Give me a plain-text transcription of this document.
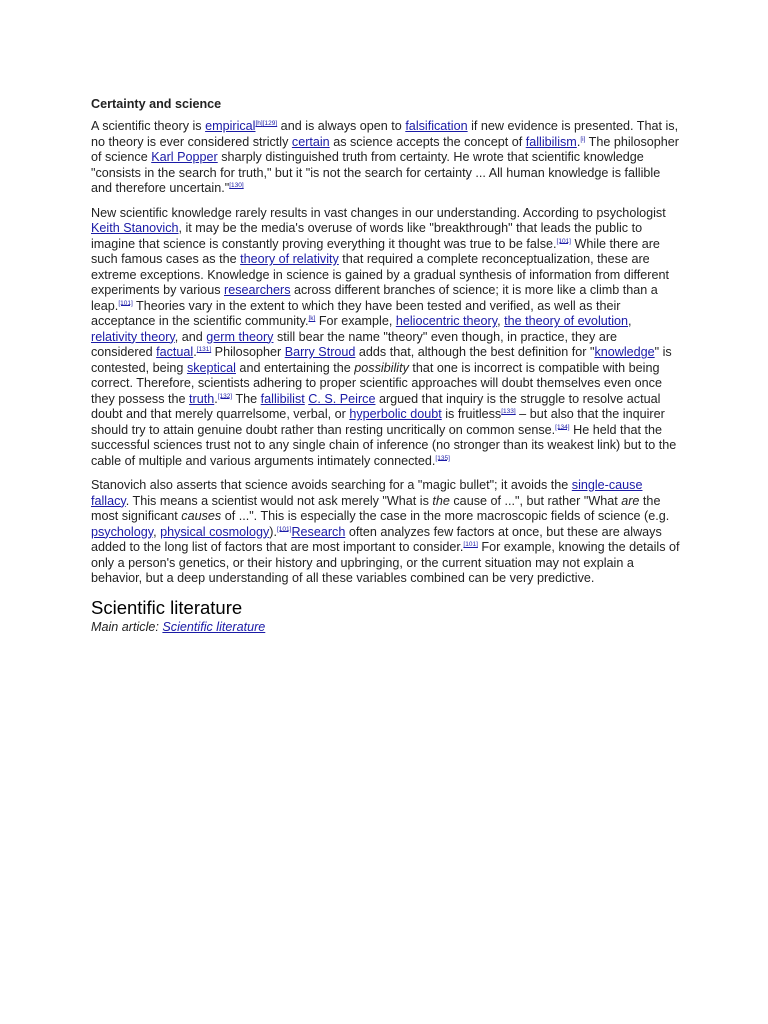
Certainty and science

A scientific theory is empirical[h][129] and is always open to falsification if new evidence is presented. That is, no theory is ever considered strictly certain as science accepts the concept of fallibilism.[i] The philosopher of science Karl Popper sharply distinguished truth from certainty. He wrote that scientific knowledge "consists in the search for truth," but it "is not the search for certainty ... All human knowledge is fallible and therefore uncertain."[130]

New scientific knowledge rarely results in vast changes in our understanding. According to psychologist Keith Stanovich, it may be the media's overuse of words like "breakthrough" that leads the public to imagine that science is constantly proving everything it thought was true to be false.[101] While there are such famous cases as the theory of relativity that required a complete reconceptualization, these are extreme exceptions. Knowledge in science is gained by a gradual synthesis of information from different experiments by various researchers across different branches of science; it is more like a climb than a leap.[101] Theories vary in the extent to which they have been tested and verified, as well as their acceptance in the scientific community.[k] For example, heliocentric theory, the theory of evolution, relativity theory, and germ theory still bear the name "theory" even though, in practice, they are considered factual.[131] Philosopher Barry Stroud adds that, although the best definition for "knowledge" is contested, being skeptical and entertaining the possibility that one is incorrect is compatible with being correct. Therefore, scientists adhering to proper scientific approaches will doubt themselves even once they possess the truth.[132] The fallibilist C. S. Peirce argued that inquiry is the struggle to resolve actual doubt and that merely quarrelsome, verbal, or hyperbolic doubt is fruitless[133] – but also that the inquirer should try to attain genuine doubt rather than resting uncritically on common sense.[134] He held that the successful sciences trust not to any single chain of inference (no stronger than its weakest link) but to the cable of multiple and various arguments intimately connected.[135]

Stanovich also asserts that science avoids searching for a "magic bullet"; it avoids the single-cause fallacy. This means a scientist would not ask merely "What is the cause of ...", but rather "What are the most significant causes of ...". This is especially the case in the more macroscopic fields of science (e.g. psychology, physical cosmology).[101]Research often analyzes few factors at once, but these are always added to the long list of factors that are most important to consider.[101] For example, knowing the details of only a person's genetics, or their history and upbringing, or the current situation may not explain a behavior, but a deep understanding of all these variables combined can be very predictive.

Scientific literature
Main article: Scientific literature
